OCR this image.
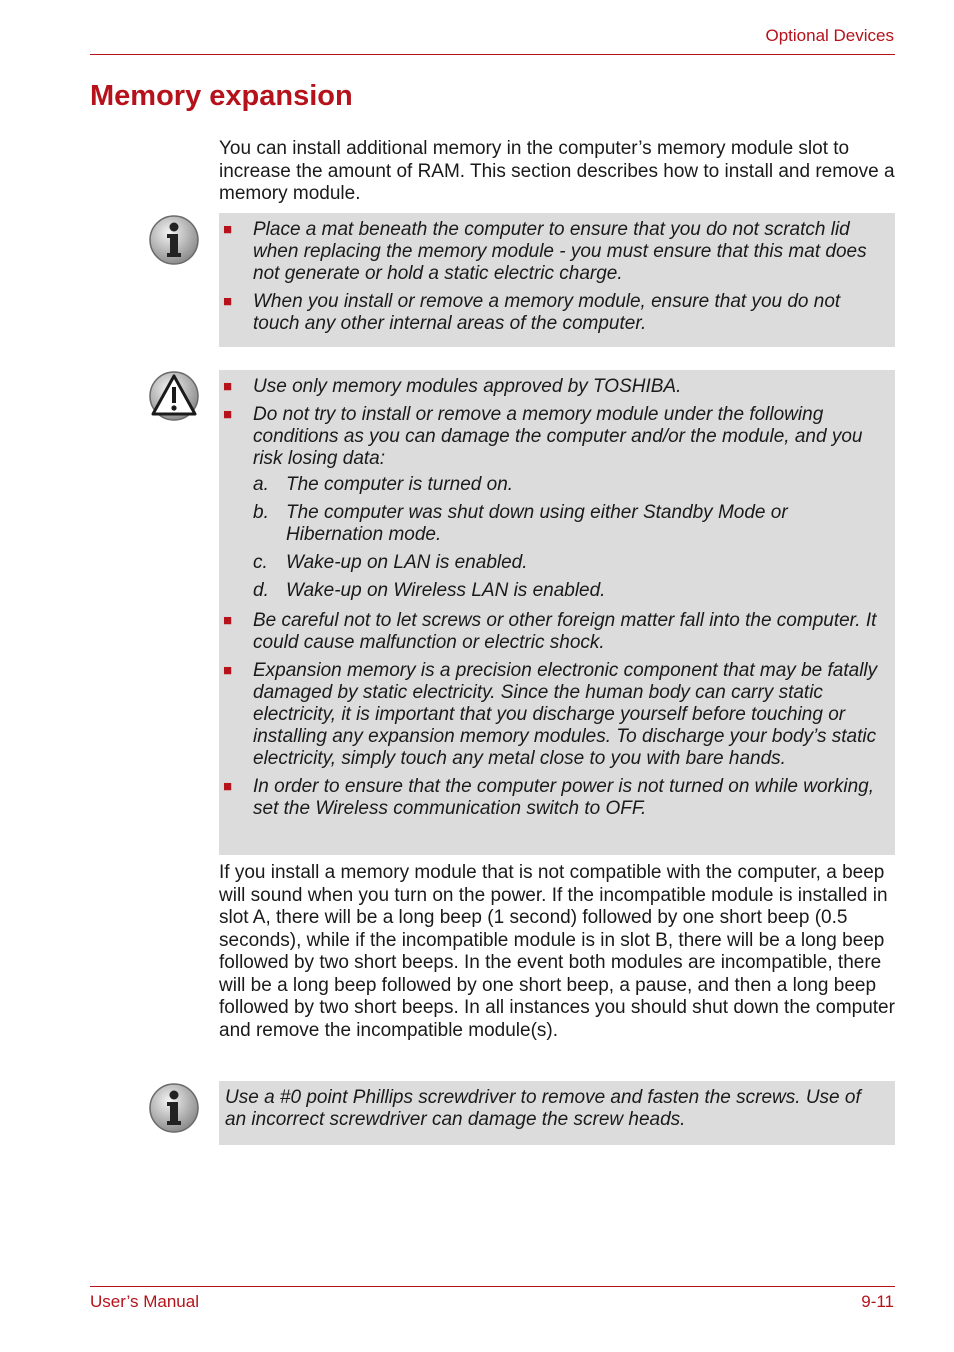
Optional Devices
Memory expansion

You can install additional memory in the computer’s memory module slot to increase the amount of RAM. This section describes how to install and remove a memory module.

■
Place a mat beneath the computer to ensure that you do not scratch lid when replacing the memory module - you must ensure that this mat does not generate or hold a static electric charge.
■
When you install or remove a memory module, ensure that you do not touch any other internal areas of the computer.
■
Use only memory modules approved by TOSHIBA.
■
Do not try to install or remove a memory module under the following conditions as you can damage the computer and/or the module, and you risk losing data:
a. The computer is turned on.
b. The computer was shut down using either Standby Mode or Hibernation mode.
c. Wake-up on LAN is enabled.
d. Wake-up on Wireless LAN is enabled.
■
Be careful not to let screws or other foreign matter fall into the computer. It could cause malfunction or electric shock.
■
Expansion memory is a precision electronic component that may be fatally damaged by static electricity. Since the human body can carry static electricity, it is important that you discharge yourself before touching or installing any expansion memory modules. To discharge your body’s static electricity, simply touch any metal close to you with bare hands.
■
In order to ensure that the computer power is not turned on while working, set the Wireless communication switch to OFF.

If you install a memory module that is not compatible with the computer, a beep will sound when you turn on the power. If the incompatible module is installed in slot A, there will be a long beep (1 second) followed by one short beep (0.5 seconds), while if the incompatible module is in slot B, there will be a long beep followed by two short beeps. In the event both modules are incompatible, there will be a long beep followed by one short beep, a pause, and then a long beep followed by two short beeps. In all instances you should shut down the computer and remove the incompatible module(s).

Use a #0 point Phillips screwdriver to remove and fasten the screws. Use of an incorrect screwdriver can damage the screw heads.
User’s Manual	9-11
